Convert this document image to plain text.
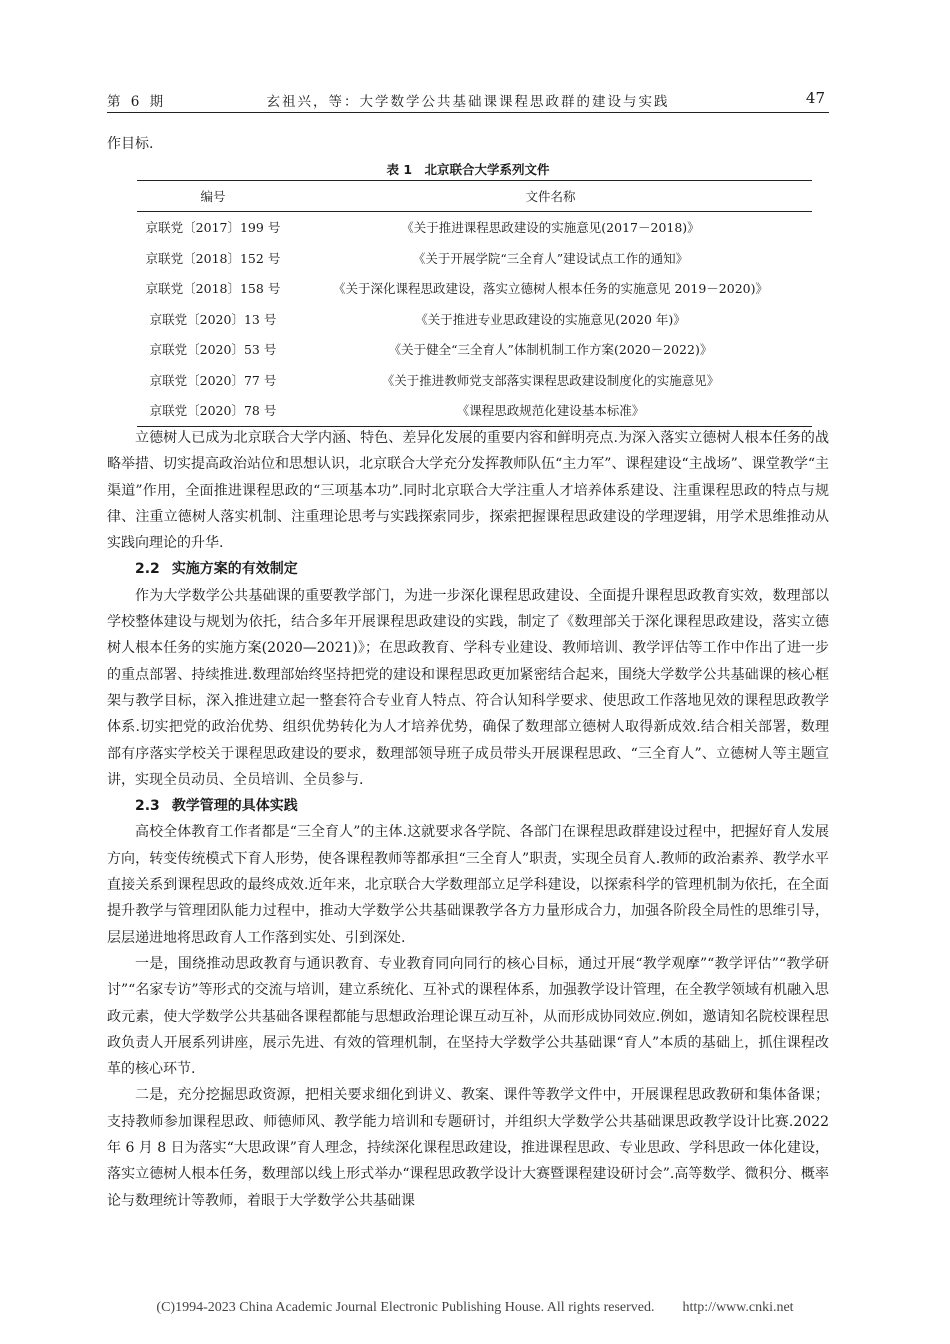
第 6 期	玄祖兴，等：大学数学公共基础课课程思政群的建设与实践	47
作目标.
表 1　北京联合大学系列文件
编号	文件名称
京联党〔2017〕199 号	《关于推进课程思政建设的实施意见(2017－2018)》
京联党〔2018〕152 号	《关于开展学院“三全育人”建设试点工作的通知》
京联党〔2018〕158 号	《关于深化课程思政建设，落实立德树人根本任务的实施意见 2019－2020)》
京联党〔2020〕13 号	《关于推进专业思政建设的实施意见(2020 年)》
京联党〔2020〕53 号	《关于健全“三全育人”体制机制工作方案(2020－2022)》
京联党〔2020〕77 号	《关于推进教师党支部落实课程思政建设制度化的实施意见》
京联党〔2020〕78 号	《课程思政规范化建设基本标准》

立德树人已成为北京联合大学内涵、特色、差异化发展的重要内容和鲜明亮点.为深入落实立德树人根本任务的战略举措、切实提高政治站位和思想认识，北京联合大学充分发挥教师队伍“主力军”、课程建设“主战场”、课堂教学“主渠道”作用，全面推进课程思政的“三项基本功”.同时北京联合大学注重人才培养体系建设、注重课程思政的特点与规律、注重立德树人落实机制、注重理论思考与实践探索同步，探索把握课程思政建设的学理逻辑，用学术思维推动从实践向理论的升华.

2.2 实施方案的有效制定

作为大学数学公共基础课的重要教学部门，为进一步深化课程思政建设、全面提升课程思政教育实效，数理部以学校整体建设与规划为依托，结合多年开展课程思政建设的实践，制定了《数理部关于深化课程思政建设，落实立德树人根本任务的实施方案(2020—2021)》；在思政教育、学科专业建设、教师培训、教学评估等工作中作出了进一步的重点部署、持续推进.数理部始终坚持把党的建设和课程思政更加紧密结合起来，围绕大学数学公共基础课的核心框架与教学目标，深入推进建立起一整套符合专业育人特点、符合认知科学要求、使思政工作落地见效的课程思政教学体系.切实把党的政治优势、组织优势转化为人才培养优势，确保了数理部立德树人取得新成效.结合相关部署，数理部有序落实学校关于课程思政建设的要求，数理部领导班子成员带头开展课程思政、“三全育人”、立德树人等主题宣讲，实现全员动员、全员培训、全员参与.

2.3 教学管理的具体实践

高校全体教育工作者都是“三全育人”的主体.这就要求各学院、各部门在课程思政群建设过程中，把握好育人发展方向，转变传统模式下育人形势，使各课程教师等都承担“三全育人”职责，实现全员育人.教师的政治素养、教学水平直接关系到课程思政的最终成效.近年来，北京联合大学数理部立足学科建设，以探索科学的管理机制为依托，在全面提升教学与管理团队能力过程中，推动大学数学公共基础课教学各方力量形成合力，加强各阶段全局性的思维引导，层层递进地将思政育人工作落到实处、引到深处.

一是，围绕推动思政教育与通识教育、专业教育同向同行的核心目标，通过开展“教学观摩”“教学评估”“教学研讨”“名家专访”等形式的交流与培训，建立系统化、互补式的课程体系，加强教学设计管理，在全教学领域有机融入思政元素，使大学数学公共基础各课程都能与思想政治理论课互动互补，从而形成协同效应.例如，邀请知名院校课程思政负责人开展系列讲座，展示先进、有效的管理机制，在坚持大学数学公共基础课“育人”本质的基础上，抓住课程改革的核心环节.

二是，充分挖掘思政资源，把相关要求细化到讲义、教案、课件等教学文件中，开展课程思政教研和集体备课；支持教师参加课程思政、师德师风、教学能力培训和专题研讨，并组织大学数学公共基础课思政教学设计比赛.2022 年 6 月 8 日为落实“大思政课”育人理念，持续深化课程思政建设，推进课程思政、专业思政、学科思政一体化建设，落实立德树人根本任务，数理部以线上形式举办“课程思政教学设计大赛暨课程建设研讨会”.高等数学、微积分、概率论与数理统计等教师，着眼于大学数学公共基础课

(C)1994-2023 China Academic Journal Electronic Publishing House. All rights reserved.　　http://www.cnki.net
